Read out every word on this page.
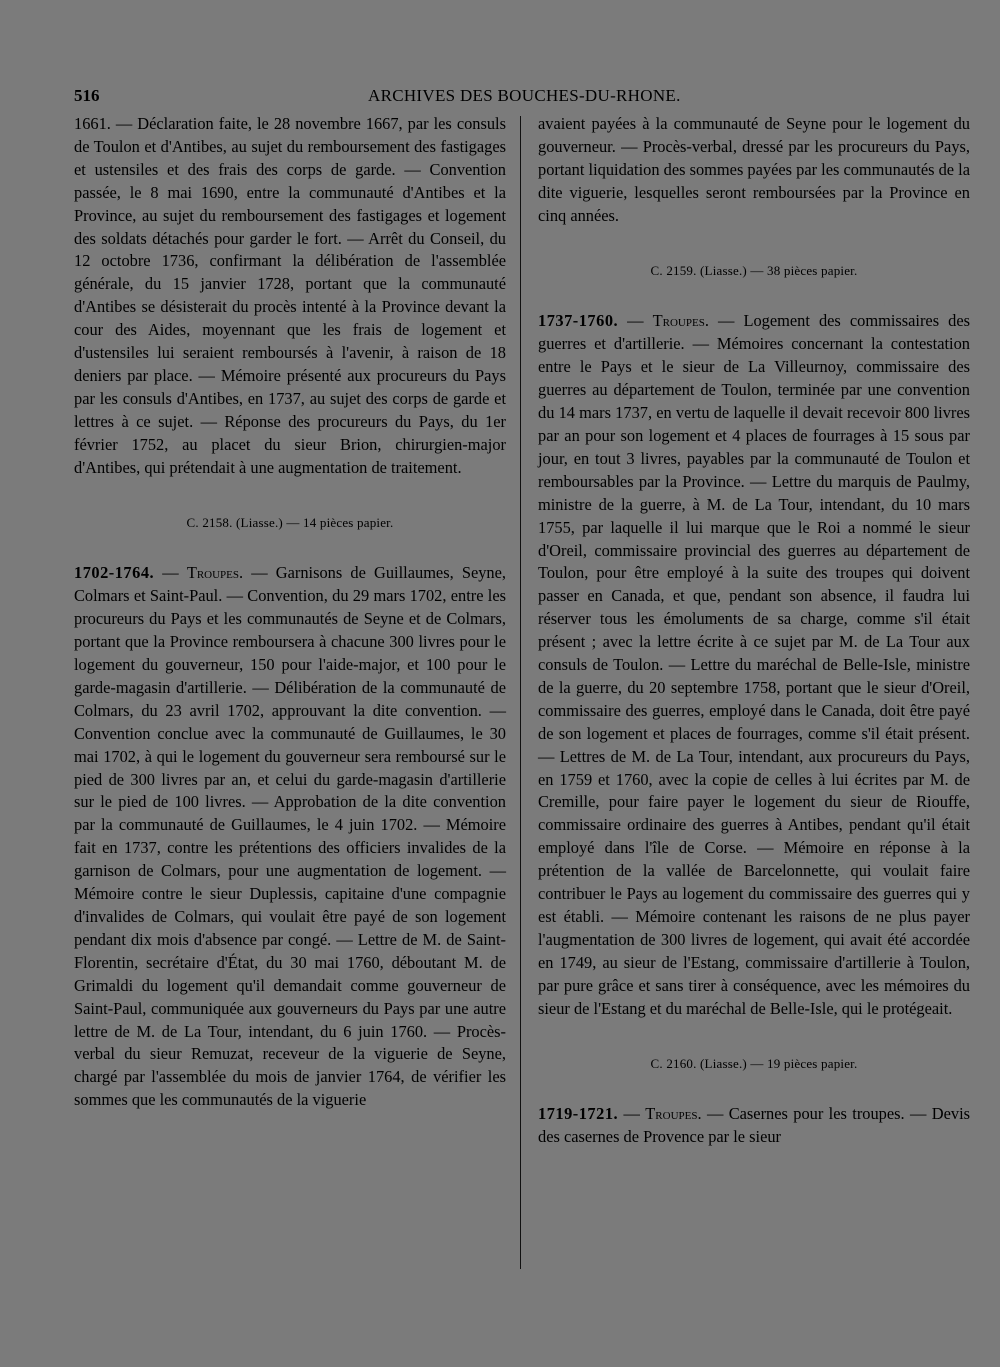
516	ARCHIVES DES BOUCHES-DU-RHONE.

1661. — Déclaration faite, le 28 novembre 1667, par les consuls de Toulon et d'Antibes, au sujet du remboursement des fastigages et ustensiles et des frais des corps de garde. — Convention passée, le 8 mai 1690, entre la communauté d'Antibes et la Province, au sujet du remboursement des fastigages et logement des soldats détachés pour garder le fort. — Arrêt du Conseil, du 12 octobre 1736, confirmant la délibération de l'assemblée générale, du 15 janvier 1728, portant que la communauté d'Antibes se désisterait du procès intenté à la Province devant la cour des Aides, moyennant que les frais de logement et d'ustensiles lui seraient remboursés à l'avenir, à raison de 18 deniers par place. — Mémoire présenté aux procureurs du Pays par les consuls d'Antibes, en 1737, au sujet des corps de garde et lettres à ce sujet. — Réponse des procureurs du Pays, du 1er février 1752, au placet du sieur Brion, chirurgien-major d'Antibes, qui prétendait à une augmentation de traitement.

C. 2158. (Liasse.) — 14 pièces papier.

1702-1764. — Troupes. — Garnisons de Guillaumes, Seyne, Colmars et Saint-Paul. — Convention, du 29 mars 1702, entre les procureurs du Pays et les communautés de Seyne et de Colmars, portant que la Province remboursera à chacune 300 livres pour le logement du gouverneur, 150 pour l'aide-major, et 100 pour le garde-magasin d'artillerie. — Délibération de la communauté de Colmars, du 23 avril 1702, approuvant la dite convention. — Convention conclue avec la communauté de Guillaumes, le 30 mai 1702, à qui le logement du gouverneur sera remboursé sur le pied de 300 livres par an, et celui du garde-magasin d'artillerie sur le pied de 100 livres. — Approbation de la dite convention par la communauté de Guillaumes, le 4 juin 1702. — Mémoire fait en 1737, contre les prétentions des officiers invalides de la garnison de Colmars, pour une augmentation de logement. — Mémoire contre le sieur Duplessis, capitaine d'une compagnie d'invalides de Colmars, qui voulait être payé de son logement pendant dix mois d'absence par congé. — Lettre de M. de Saint-Florentin, secrétaire d'État, du 30 mai 1760, déboutant M. de Grimaldi du logement qu'il demandait comme gouverneur de Saint-Paul, communiquée aux gouverneurs du Pays par une autre lettre de M. de La Tour, intendant, du 6 juin 1760. — Procès-verbal du sieur Remuzat, receveur de la viguerie de Seyne, chargé par l'assemblée du mois de janvier 1764, de vérifier les sommes que les communautés de la viguerie

avaient payées à la communauté de Seyne pour le logement du gouverneur. — Procès-verbal, dressé par les procureurs du Pays, portant liquidation des sommes payées par les communautés de la dite viguerie, lesquelles seront remboursées par la Province en cinq années.

C. 2159. (Liasse.) — 38 pièces papier.

1737-1760. — Troupes. — Logement des commissaires des guerres et d'artillerie. — Mémoires concernant la contestation entre le Pays et le sieur de La Villeurnoy, commissaire des guerres au département de Toulon, terminée par une convention du 14 mars 1737, en vertu de laquelle il devait recevoir 800 livres par an pour son logement et 4 places de fourrages à 15 sous par jour, en tout 3 livres, payables par la communauté de Toulon et remboursables par la Province. — Lettre du marquis de Paulmy, ministre de la guerre, à M. de La Tour, intendant, du 10 mars 1755, par laquelle il lui marque que le Roi a nommé le sieur d'Oreil, commissaire provincial des guerres au département de Toulon, pour être employé à la suite des troupes qui doivent passer en Canada, et que, pendant son absence, il faudra lui réserver tous les émoluments de sa charge, comme s'il était présent ; avec la lettre écrite à ce sujet par M. de La Tour aux consuls de Toulon. — Lettre du maréchal de Belle-Isle, ministre de la guerre, du 20 septembre 1758, portant que le sieur d'Oreil, commissaire des guerres, employé dans le Canada, doit être payé de son logement et places de fourrages, comme s'il était présent. — Lettres de M. de La Tour, intendant, aux procureurs du Pays, en 1759 et 1760, avec la copie de celles à lui écrites par M. de Cremille, pour faire payer le logement du sieur de Riouffe, commissaire ordinaire des guerres à Antibes, pendant qu'il était employé dans l'île de Corse. — Mémoire en réponse à la prétention de la vallée de Barcelonnette, qui voulait faire contribuer le Pays au logement du commissaire des guerres qui y est établi. — Mémoire contenant les raisons de ne plus payer l'augmentation de 300 livres de logement, qui avait été accordée en 1749, au sieur de l'Estang, commissaire d'artillerie à Toulon, par pure grâce et sans tirer à conséquence, avec les mémoires du sieur de l'Estang et du maréchal de Belle-Isle, qui le protégeait.

C. 2160. (Liasse.) — 19 pièces papier.

1719-1721. — Troupes. — Casernes pour les troupes. — Devis des casernes de Provence par le sieur
